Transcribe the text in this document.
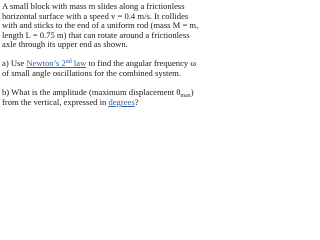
A small block with mass m slides along a frictionless
horizontal surface with a speed v = 0.4 m/s. It collides
with and sticks to the end of a uniform rod (mass M = m,
length L = 0.75 m) that can rotate around a frictionless
axle through its upper end as shown.
a) Use Newton’s 2nd law to find the angular frequency ω
of small angle oscillations for the combined system.
b) What is the amplitude (maximum displacement $\theta_{max}$)
from the vertical, expressed in degrees?
